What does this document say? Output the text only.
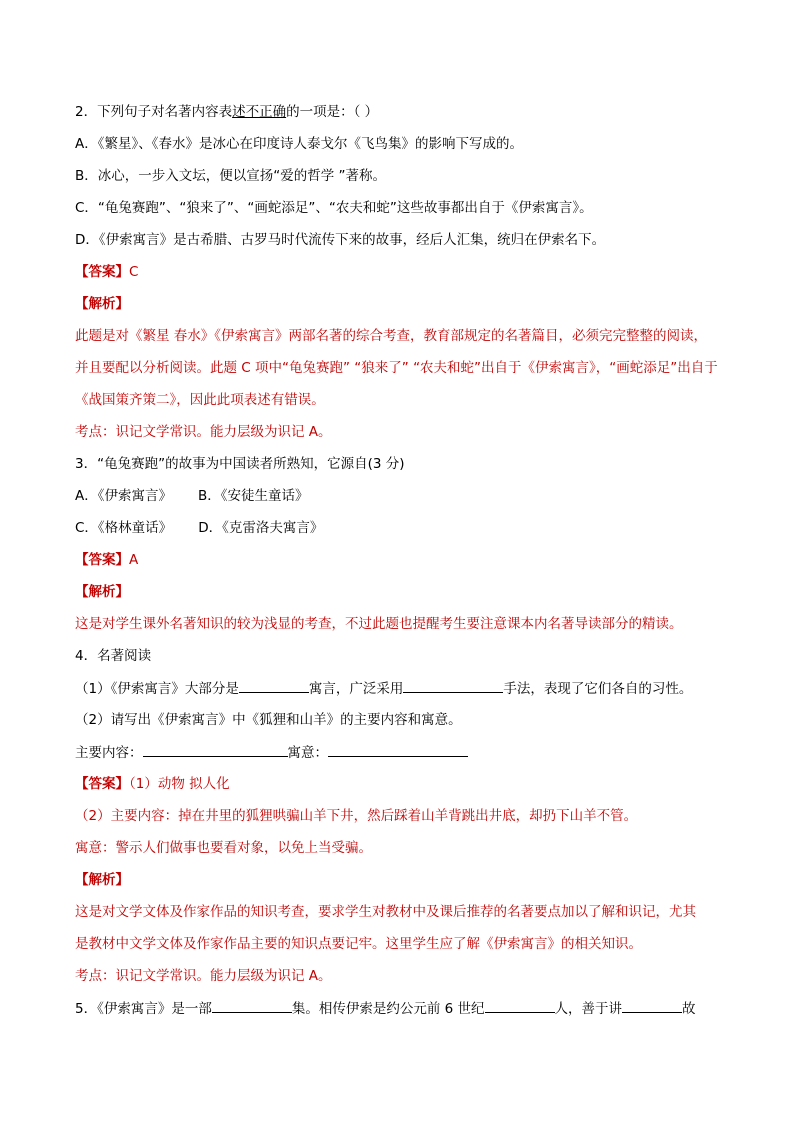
2．下列句子对名著内容表述不正确的一项是：（ ）
A．《繁星》、《春水》是冰心在印度诗人泰戈尔《飞鸟集》的影响下写成的。
B．冰心，一步入文坛，便以宣扬“爱的哲学 ”著称。
C．“龟兔赛跑”、“狼来了”、“画蛇添足”、“农夫和蛇”这些故事都出自于《伊索寓言》。
D．《伊索寓言》是古希腊、古罗马时代流传下来的故事，经后人汇集，统归在伊索名下。
【答案】C
【解析】
此题是对《繁星 春水》《伊索寓言》两部名著的综合考查，教育部规定的名著篇目，必须完完整整的阅读，
并且要配以分析阅读。此题 C 项中“龟兔赛跑” “狼来了” “农夫和蛇”出自于《伊索寓言》，“画蛇添足”出自于
《战国策齐策二》，因此此项表述有错误。
考点：识记文学常识。能力层级为识记 A。
3．“龟兔赛跑”的故事为中国读者所熟知，它源自(3 分)
A．《伊索寓言》 B．《安徒生童话》
C．《格林童话》 D．《克雷洛夫寓言》
【答案】A
【解析】
这是对学生课外名著知识的较为浅显的考查，不过此题也提醒考生要注意课本内名著导读部分的精读。
4．名著阅读
（1）《伊索寓言》大部分是	寓言，广泛采用	手法，表现了它们各自的习性。
（2）请写出《伊索寓言》中《狐狸和山羊》的主要内容和寓意。
主要内容：	寓意：
【答案】（1）动物 拟人化
（2）主要内容：掉在井里的狐狸哄骗山羊下井，然后踩着山羊背跳出井底，却扔下山羊不管。
寓意：警示人们做事也要看对象，以免上当受骗。
【解析】
这是对文学文体及作家作品的知识考查，要求学生对教材中及课后推荐的名著要点加以了解和识记，尤其
是教材中文学文体及作家作品主要的知识点要记牢。这里学生应了解《伊索寓言》的相关知识。
考点：识记文学常识。能力层级为识记 A。
5．《伊索寓言》是一部	集。相传伊索是约公元前 6 世纪	人，善于讲	故
